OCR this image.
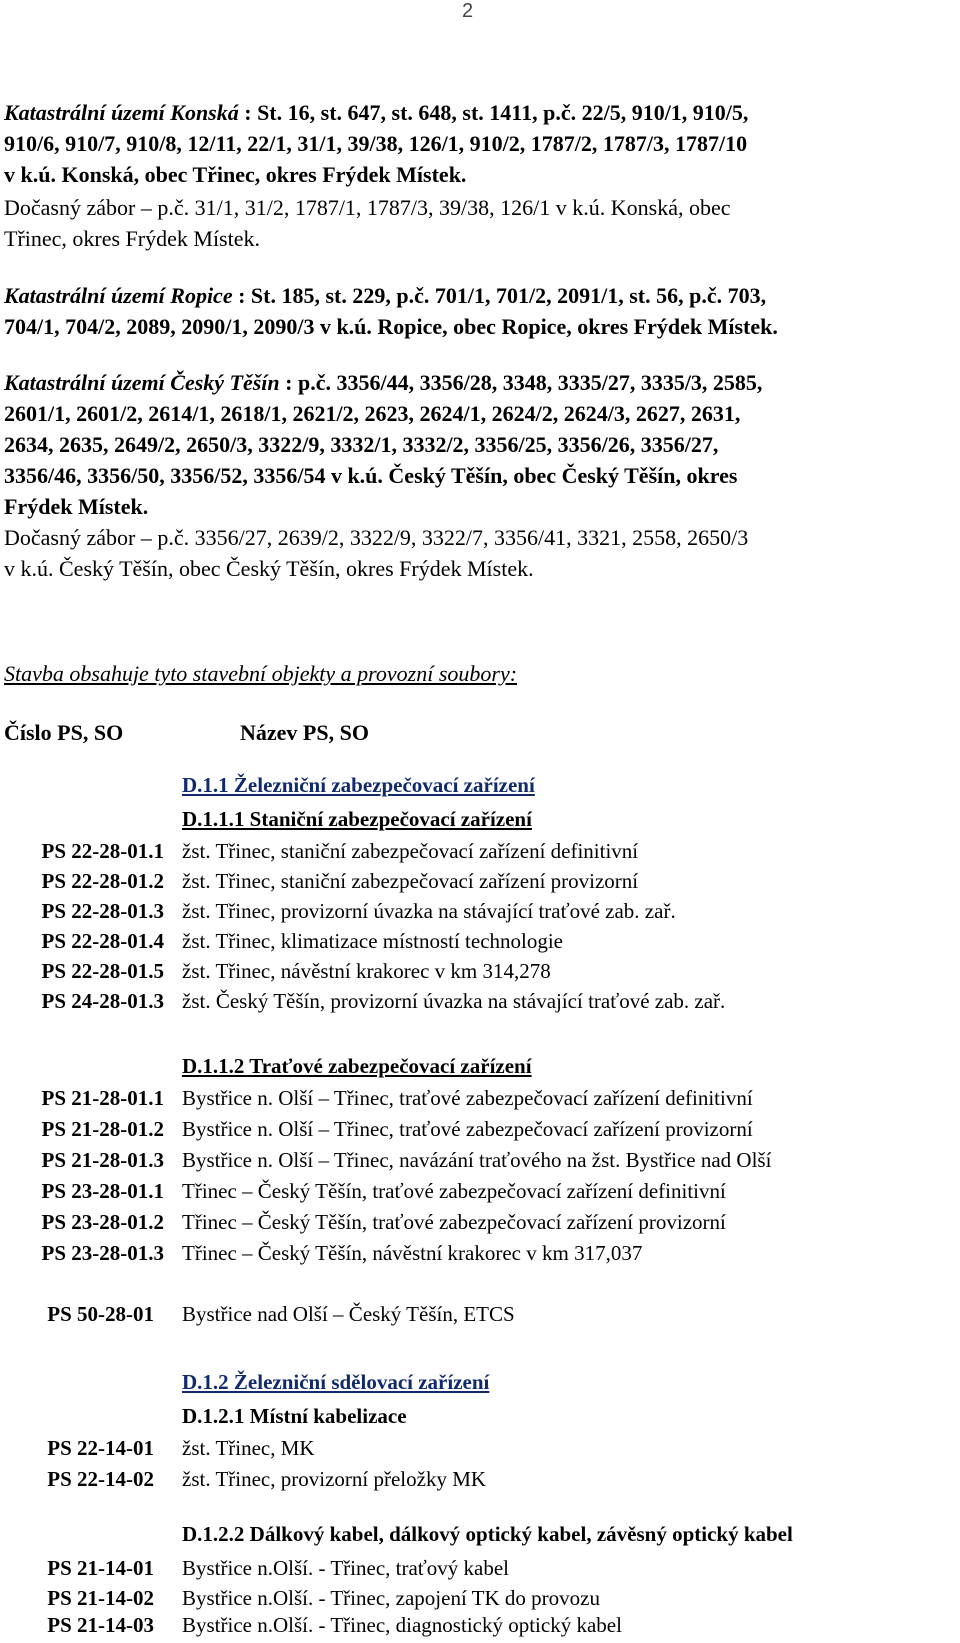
2
Katastrální území Konská : St. 16, st. 647, st. 648, st. 1411, p.č. 22/5, 910/1, 910/5,
910/6, 910/7, 910/8, 12/11, 22/1, 31/1, 39/38, 126/1, 910/2, 1787/2, 1787/3, 1787/10
v k.ú. Konská, obec Třinec, okres Frýdek Místek.
Dočasný zábor – p.č. 31/1, 31/2, 1787/1, 1787/3, 39/38, 126/1 v k.ú. Konská, obec
Třinec, okres Frýdek Místek.
Katastrální území Ropice : St. 185, st. 229, p.č. 701/1, 701/2, 2091/1, st. 56, p.č. 703,
704/1, 704/2, 2089, 2090/1, 2090/3 v k.ú. Ropice, obec Ropice, okres Frýdek Místek.
Katastrální území Český Těšín : p.č. 3356/44, 3356/28, 3348, 3335/27, 3335/3, 2585,
2601/1, 2601/2, 2614/1, 2618/1, 2621/2, 2623, 2624/1, 2624/2, 2624/3, 2627, 2631,
2634, 2635, 2649/2, 2650/3, 3322/9, 3332/1, 3332/2, 3356/25, 3356/26, 3356/27,
3356/46, 3356/50, 3356/52, 3356/54 v k.ú. Český Těšín, obec Český Těšín, okres
Frýdek Místek.
Dočasný zábor – p.č. 3356/27, 2639/2, 3322/9, 3322/7, 3356/41, 3321, 2558, 2650/3
v k.ú. Český Těšín, obec Český Těšín, okres Frýdek Místek.
Stavba obsahuje tyto stavební objekty a provozní soubory:
Číslo PS, SO	Název PS, SO
D.1.1 Železniční zabezpečovací zařízení
D.1.1.1 Staniční zabezpečovací zařízení
PS 22-28-01.1 žst. Třinec, staniční zabezpečovací zařízení definitivní
PS 22-28-01.2 žst. Třinec, staniční zabezpečovací zařízení provizorní
PS 22-28-01.3 žst. Třinec, provizorní úvazka na stávající traťové zab. zař.
PS 22-28-01.4 žst. Třinec, klimatizace místností technologie
PS 22-28-01.5 žst. Třinec, návěstní krakorec v km 314,278
PS 24-28-01.3 žst. Český Těšín, provizorní úvazka na stávající traťové zab. zař.
D.1.1.2 Traťové zabezpečovací zařízení
PS 21-28-01.1 Bystřice n. Olší – Třinec, traťové zabezpečovací zařízení definitivní
PS 21-28-01.2 Bystřice n. Olší – Třinec, traťové zabezpečovací zařízení provizorní
PS 21-28-01.3 Bystřice n. Olší – Třinec, navázání traťového na žst. Bystřice nad Olší
PS 23-28-01.1 Třinec – Český Těšín, traťové zabezpečovací zařízení definitivní
PS 23-28-01.2 Třinec – Český Těšín, traťové zabezpečovací zařízení provizorní
PS 23-28-01.3 Třinec – Český Těšín, návěstní krakorec v km 317,037
PS 50-28-01 Bystřice nad Olší – Český Těšín, ETCS
D.1.2 Železniční sdělovací zařízení
D.1.2.1 Místní kabelizace
PS 22-14-01 žst. Třinec, MK
PS 22-14-02 žst. Třinec, provizorní přeložky MK
D.1.2.2 Dálkový kabel, dálkový optický kabel, závěsný optický kabel
PS 21-14-01 Bystřice n.Olší. - Třinec, traťový kabel
PS 21-14-02 Bystřice n.Olší. - Třinec, zapojení TK do provozu
PS 21-14-03 Bystřice n.Olší. - Třinec, diagnostický optický kabel
